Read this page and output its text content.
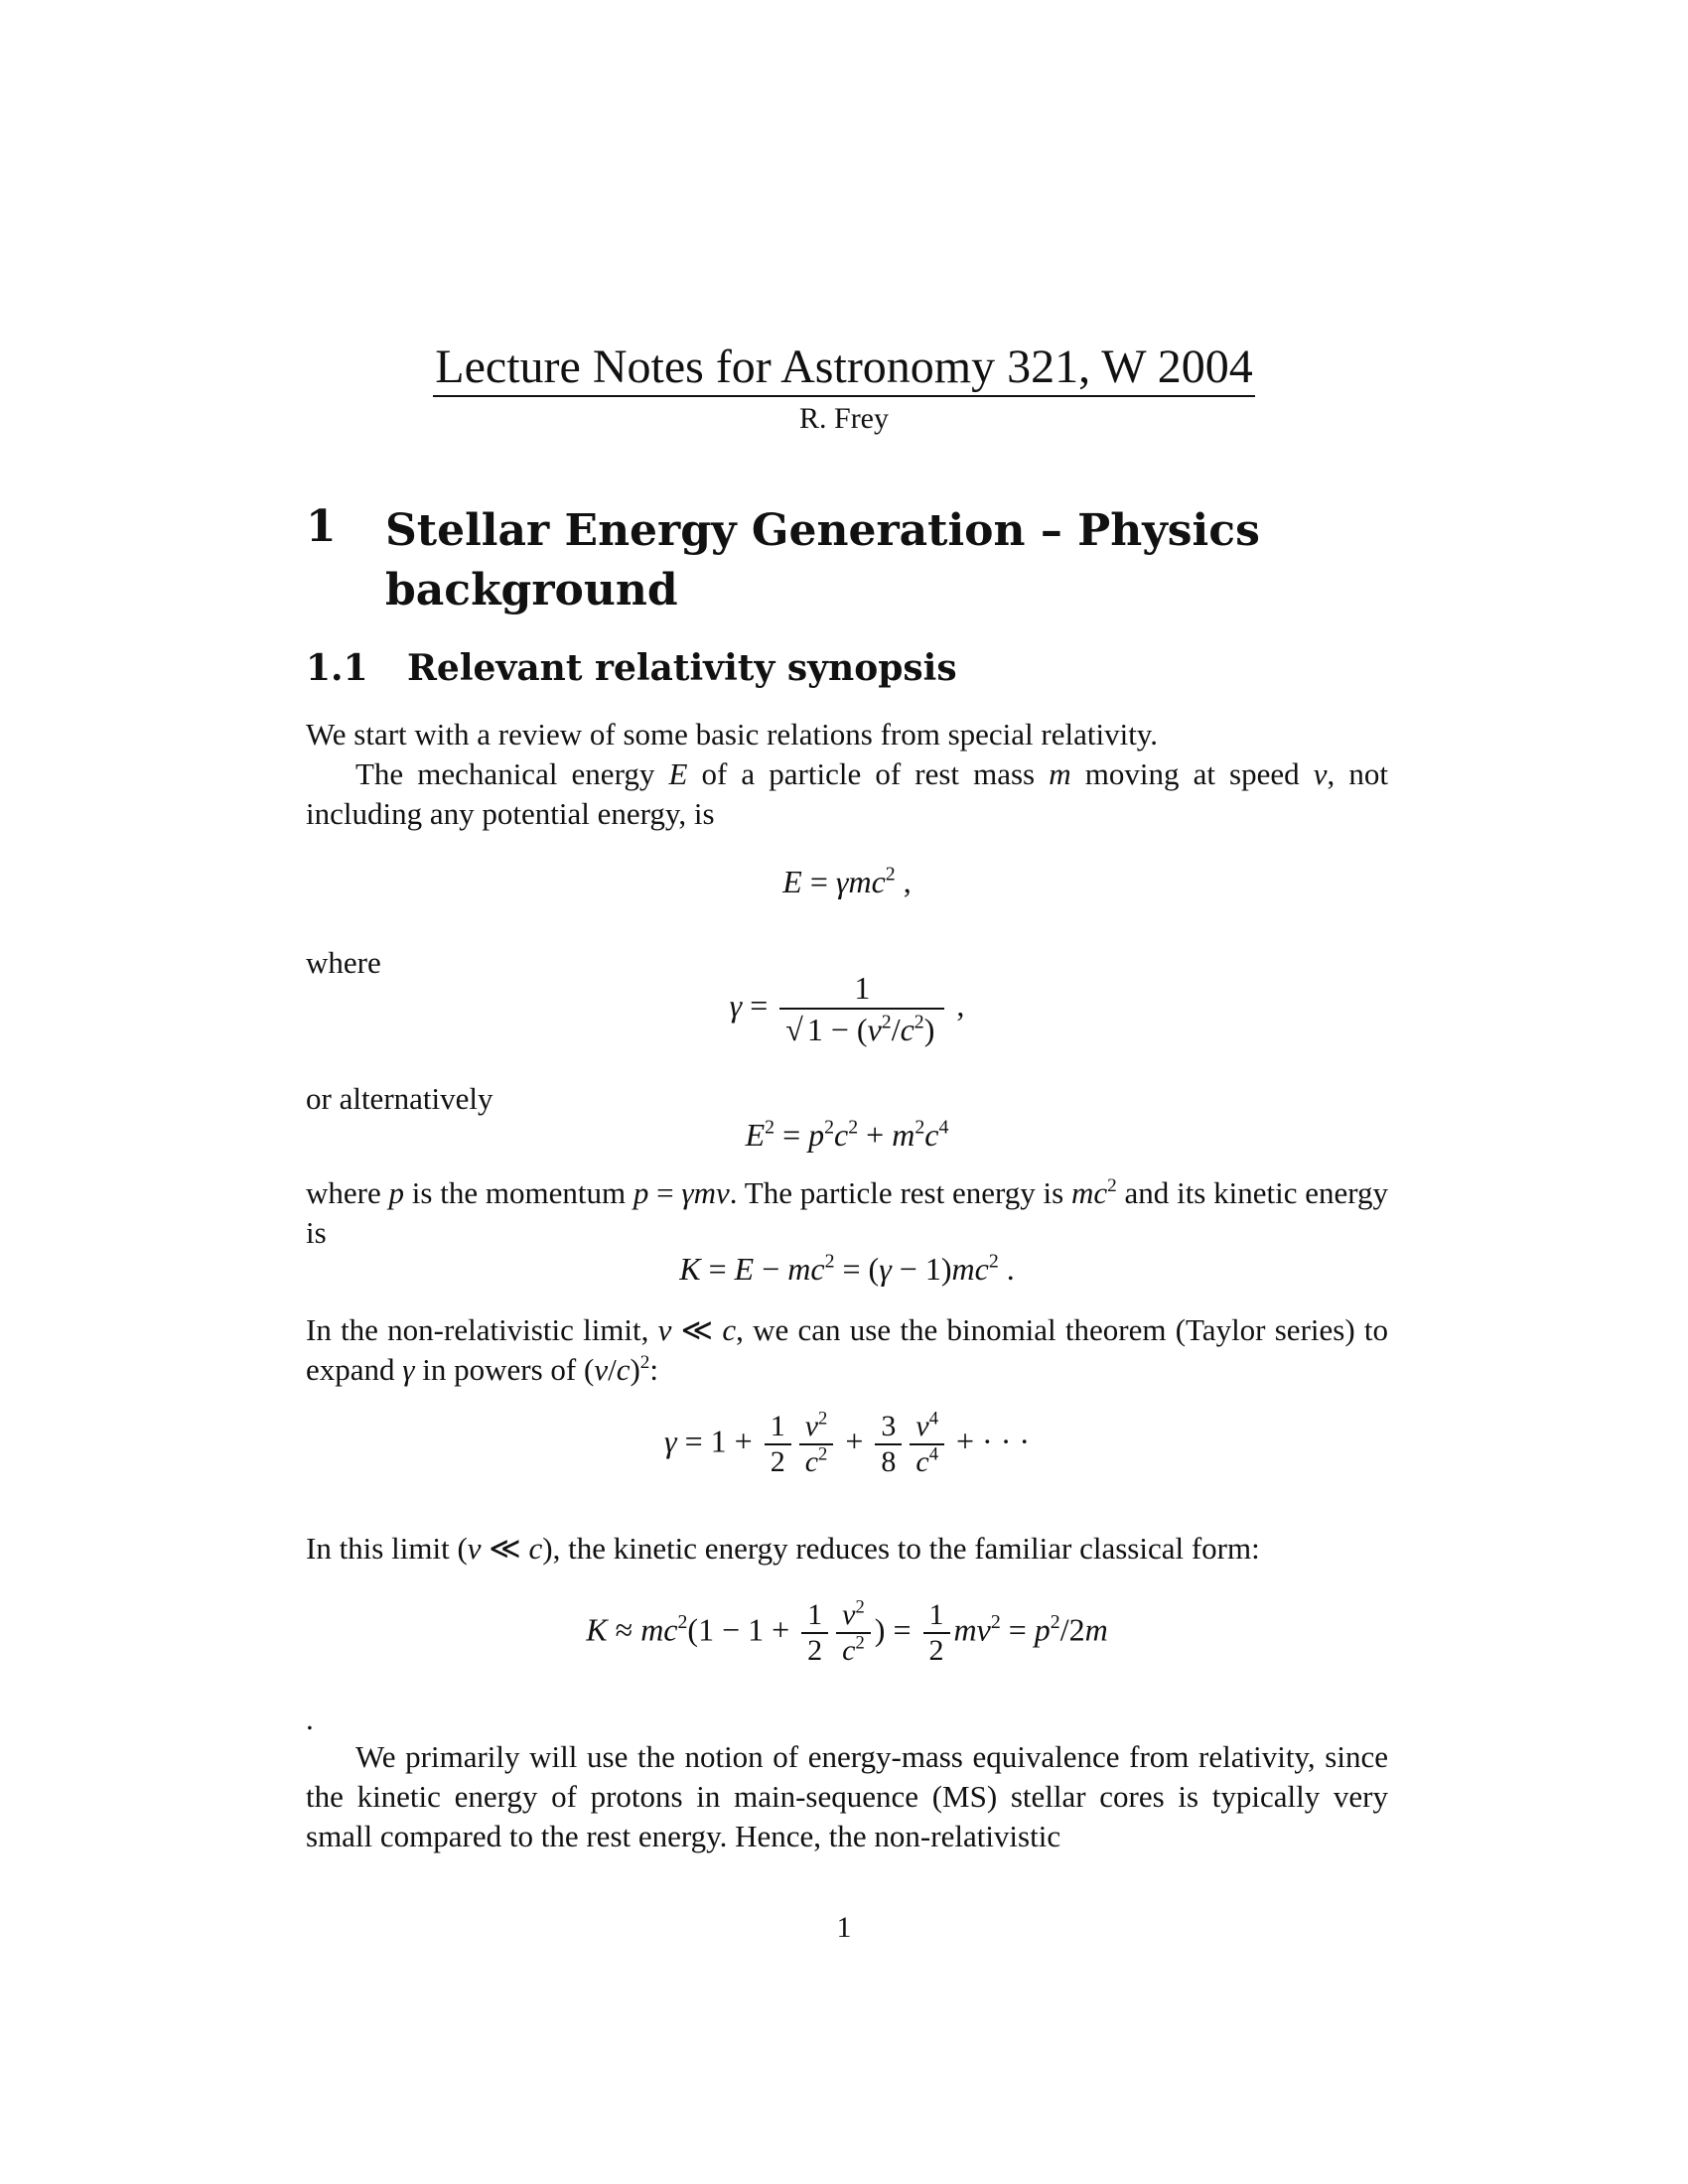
Lecture Notes for Astronomy 321, W 2004
R. Frey
1 Stellar Energy Generation – Physics background
1.1 Relevant relativity synopsis
We start with a review of some basic relations from special relativity.
The mechanical energy E of a particle of rest mass m moving at speed v, not including any potential energy, is
E = γmc$^2$ ,
where
$\gamma = \frac{1}{√ 1 - (v^2/c^2)}$ ,
or alternatively
$E^2 = p^2c^2 + m^2c^4$
where p is the momentum p = γmv. The particle rest energy is $mc^2$ and its kinetic energy is
$K = E - mc^2 = (\gamma - 1)mc^2$ .
In the non-relativistic limit, v ≪ c, we can use the binomial theorem (Taylor series) to expand γ in powers of $(v/c)^2$:
$\gamma = 1 + \frac{1}{2} \frac{v^2}{c^2} + \frac{3}{8} \frac{v^4}{c^4}$ + · · ·
In this limit (v ≪ c), the kinetic energy reduces to the familiar classical form:
$K \approx mc^2(1 - 1 + \frac{1}{2} \frac{v^2}{c^2}$ ) = $\frac{1}{2} mv^2 = p^2/2m$
.
We primarily will use the notion of energy-mass equivalence from relativity, since the kinetic energy of protons in main-sequence (MS) stellar cores is typically very small compared to the rest energy. Hence, the non-relativistic
1
